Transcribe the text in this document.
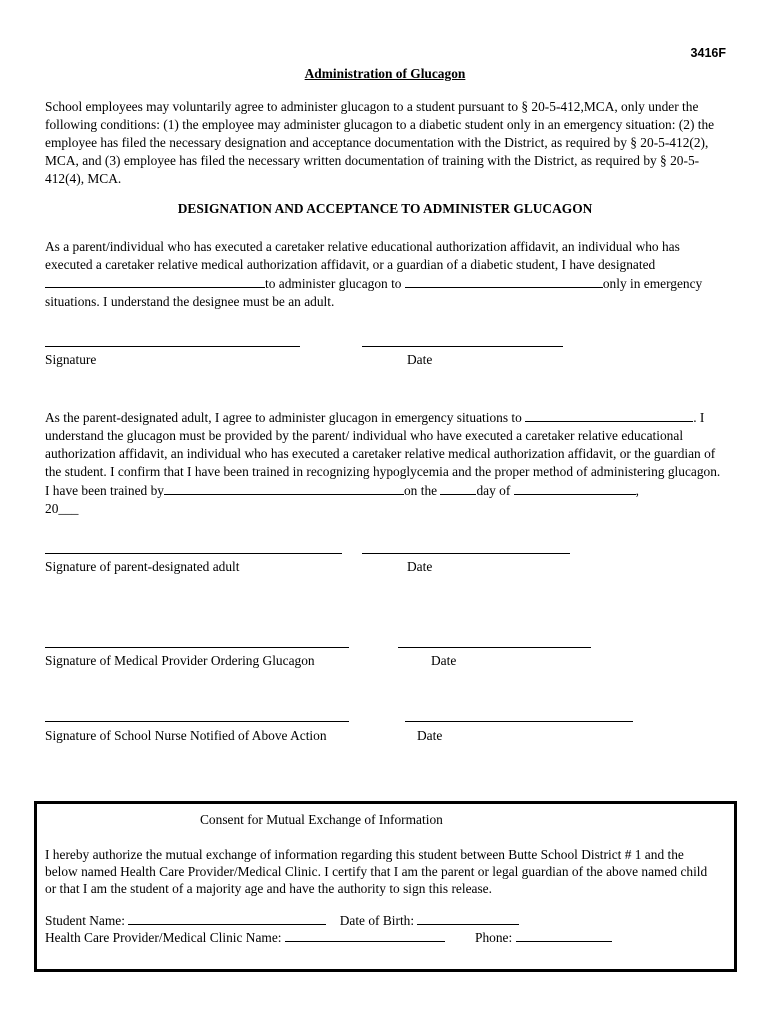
3416F
Administration of Glucagon
School employees may voluntarily agree to administer glucagon to a student pursuant to § 20-5-412,MCA, only under the following conditions: (1) the employee may administer glucagon to a diabetic student only in an emergency situation: (2) the employee has filed the necessary designation and acceptance documentation with the District, as required by § 20-5-412(2), MCA, and (3) employee has filed the necessary written documentation of training with the District, as required by § 20-5-412(4), MCA.
DESIGNATION AND ACCEPTANCE TO ADMINISTER GLUCAGON
As a parent/individual who has executed a caretaker relative educational authorization affidavit, an individual who has executed a caretaker relative medical authorization affidavit, or a guardian of a diabetic student, I have designated
to administer glucagon to	only in emergency
situations. I understand the designee must be an adult.
Signature	Date
As the parent-designated adult, I agree to administer glucagon in emergency situations to	. I understand the glucagon must be provided by the parent/ individual who have executed a caretaker relative educational authorization affidavit, an individual who has executed a caretaker relative medical authorization affidavit, or the guardian of the student. I confirm that I have been trained in recognizing hypoglycemia and the proper method of administering glucagon. I have been trained by	on the	day of	,
20___
Signature of parent-designated adult	Date
Signature of Medical Provider Ordering Glucagon	Date
Signature of School Nurse Notified of Above Action	Date
Consent for Mutual Exchange of Information
I hereby authorize the mutual exchange of information regarding this student between Butte School District # 1 and the below named Health Care Provider/Medical Clinic. I certify that I am the parent or legal guardian of the above named child or that I am the student of a majority age and have the authority to sign this release.
Student Name:	Date of Birth:
Health Care Provider/Medical Clinic Name:	Phone:
